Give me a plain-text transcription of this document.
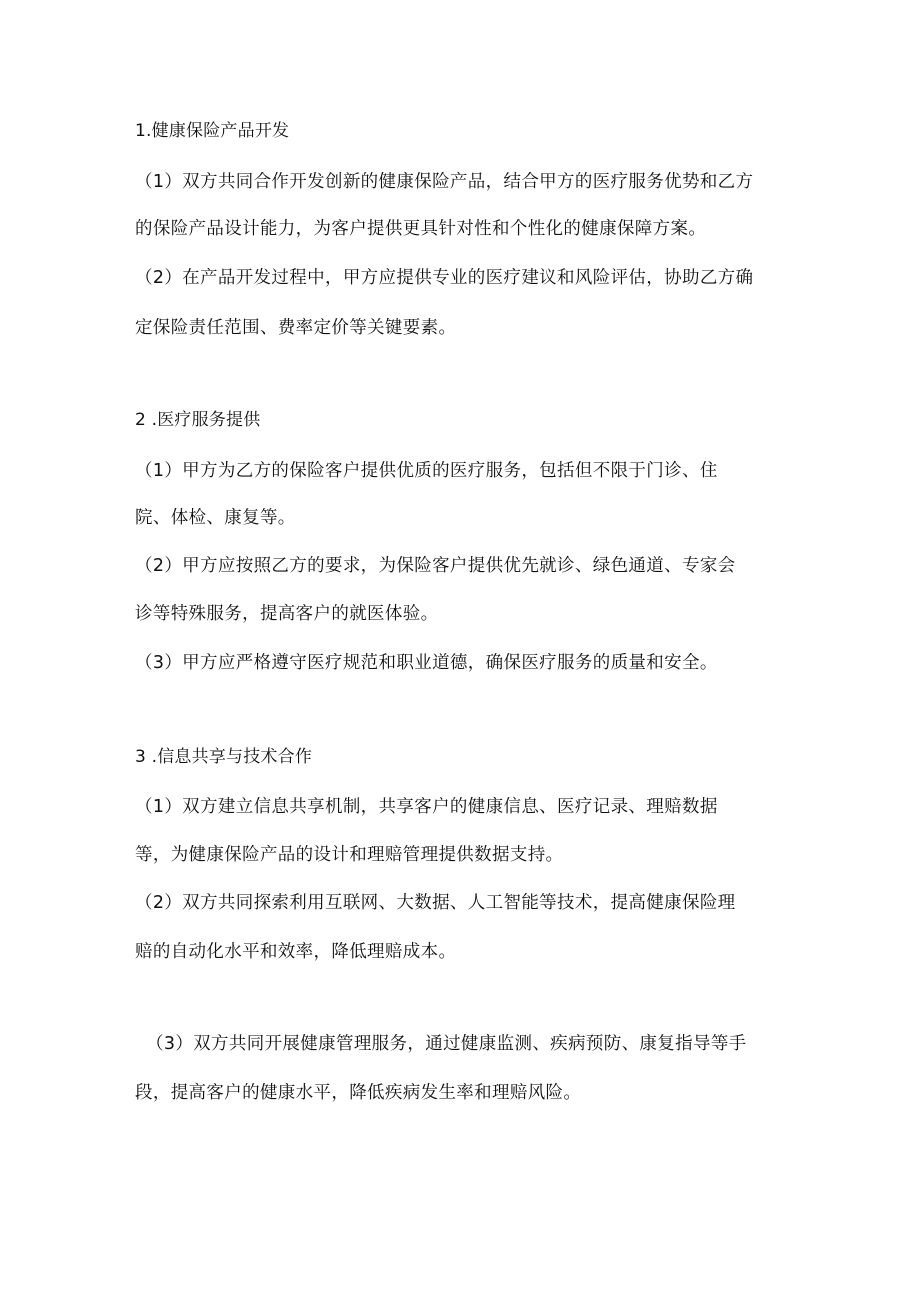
1.健康保险产品开发
（1）双方共同合作开发创新的健康保险产品，结合甲方的医疗服务优势和乙方
的保险产品设计能力，为客户提供更具针对性和个性化的健康保障方案。
（2）在产品开发过程中，甲方应提供专业的医疗建议和风险评估，协助乙方确
定保险责任范围、费率定价等关键要素。
2 .医疗服务提供
（1）甲方为乙方的保险客户提供优质的医疗服务，包括但不限于门诊、住
院、体检、康复等。
（2）甲方应按照乙方的要求，为保险客户提供优先就诊、绿色通道、专家会
诊等特殊服务，提高客户的就医体验。
（3）甲方应严格遵守医疗规范和职业道德，确保医疗服务的质量和安全。
3 .信息共享与技术合作
（1）双方建立信息共享机制，共享客户的健康信息、医疗记录、理赔数据
等，为健康保险产品的设计和理赔管理提供数据支持。
（2）双方共同探索利用互联网、大数据、人工智能等技术，提高健康保险理
赔的自动化水平和效率，降低理赔成本。
（3）双方共同开展健康管理服务，通过健康监测、疾病预防、康复指导等手
段，提高客户的健康水平，降低疾病发生率和理赔风险。
